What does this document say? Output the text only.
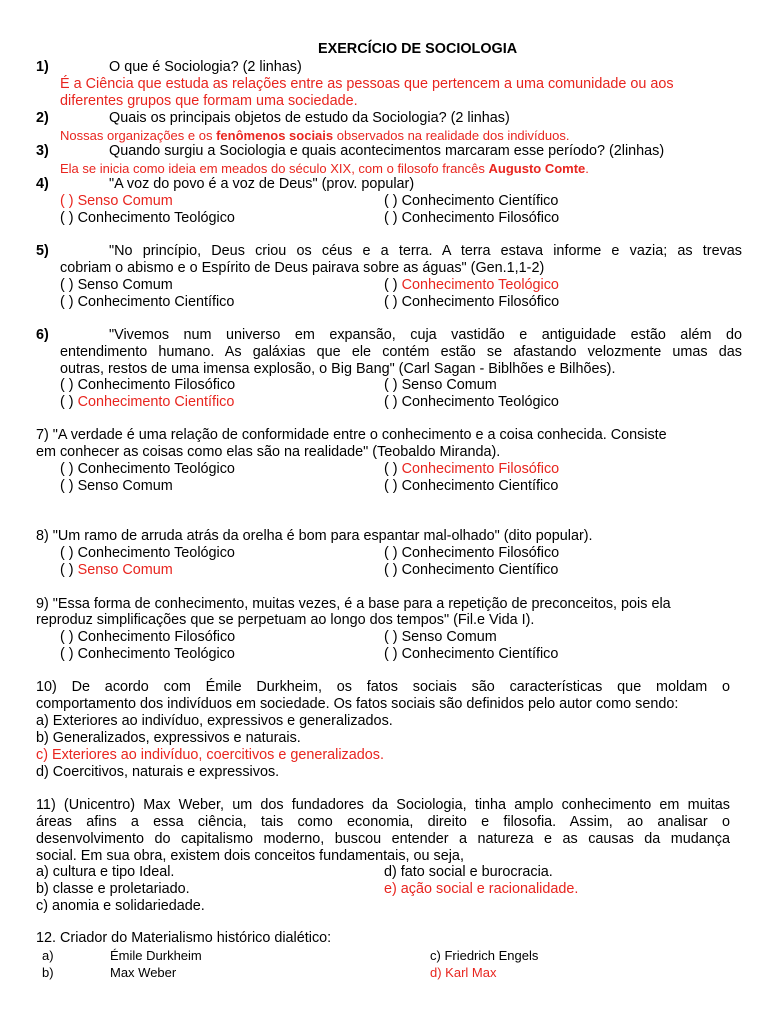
EXERCÍCIO DE SOCIOLOGIA
1)	O que é Sociologia? (2 linhas)
É a Ciência que estuda as relações entre as pessoas que pertencem a uma comunidade ou aos
diferentes grupos que formam uma sociedade.
2)	Quais os principais objetos de estudo da Sociologia? (2 linhas)
Nossas organizações e os fenômenos sociais observados na realidade dos indivíduos.
3)	Quando surgiu a Sociologia e quais acontecimentos marcaram esse período? (2linhas)
Ela se inicia como ideia em meados do século XIX, com o filosofo francês Augusto Comte.
4)	"A voz do povo é a voz de Deus" (prov. popular)
( ) Senso Comum	( ) Conhecimento Científico
( ) Conhecimento Teológico	( ) Conhecimento Filosófico
5)	"No princípio, Deus criou os céus e a terra. A terra estava informe e vazia; as trevas
cobriam o abismo e o Espírito de Deus pairava sobre as águas" (Gen.1,1-2)
( ) Senso Comum	( ) Conhecimento Teológico
( ) Conhecimento Científico	( ) Conhecimento Filosófico
6)	"Vivemos num universo em expansão, cuja vastidão e antiguidade estão além do
entendimento humano. As galáxias que ele contém estão se afastando velozmente umas das
outras, restos de uma imensa explosão, o Big Bang" (Carl Sagan - Biblhões e Bilhões).
( ) Conhecimento Filosófico	( ) Senso Comum
( ) Conhecimento Científico	( ) Conhecimento Teológico
7) "A verdade é uma relação de conformidade entre o conhecimento e a coisa conhecida. Consiste
em conhecer as coisas como elas são na realidade" (Teobaldo Miranda).
( ) Conhecimento Teológico	( ) Conhecimento Filosófico
( ) Senso Comum	( ) Conhecimento Científico
8) "Um ramo de arruda atrás da orelha é bom para espantar mal-olhado" (dito popular).
( ) Conhecimento Teológico	( ) Conhecimento Filosófico
( ) Senso Comum	( ) Conhecimento Científico
9) "Essa forma de conhecimento, muitas vezes, é a base para a repetição de preconceitos, pois ela
reproduz simplificações que se perpetuam ao longo dos tempos" (Fil.e Vida I).
( ) Conhecimento Filosófico	( ) Senso Comum
( ) Conhecimento Teológico	( ) Conhecimento Científico
10) De acordo com Émile Durkheim, os fatos sociais são características que moldam o
comportamento dos indivíduos em sociedade. Os fatos sociais são definidos pelo autor como sendo:
a) Exteriores ao indivíduo, expressivos e generalizados.
b) Generalizados, expressivos e naturais.
c) Exteriores ao indivíduo, coercitivos e generalizados.
d) Coercitivos, naturais e expressivos.
11) (Unicentro) Max Weber, um dos fundadores da Sociologia, tinha amplo conhecimento em muitas
áreas afins a essa ciência, tais como economia, direito e filosofia. Assim, ao analisar o
desenvolvimento do capitalismo moderno, buscou entender a natureza e as causas da mudança
social. Em sua obra, existem dois conceitos fundamentais, ou seja,
a) cultura e tipo Ideal.	d) fato social e burocracia.
b) classe e proletariado.	e) ação social e racionalidade.
c) anomia e solidariedade.
12. Criador do Materialismo histórico dialético:
a)	Émile Durkheim	c) Friedrich Engels
b)	Max Weber	d) Karl Max
